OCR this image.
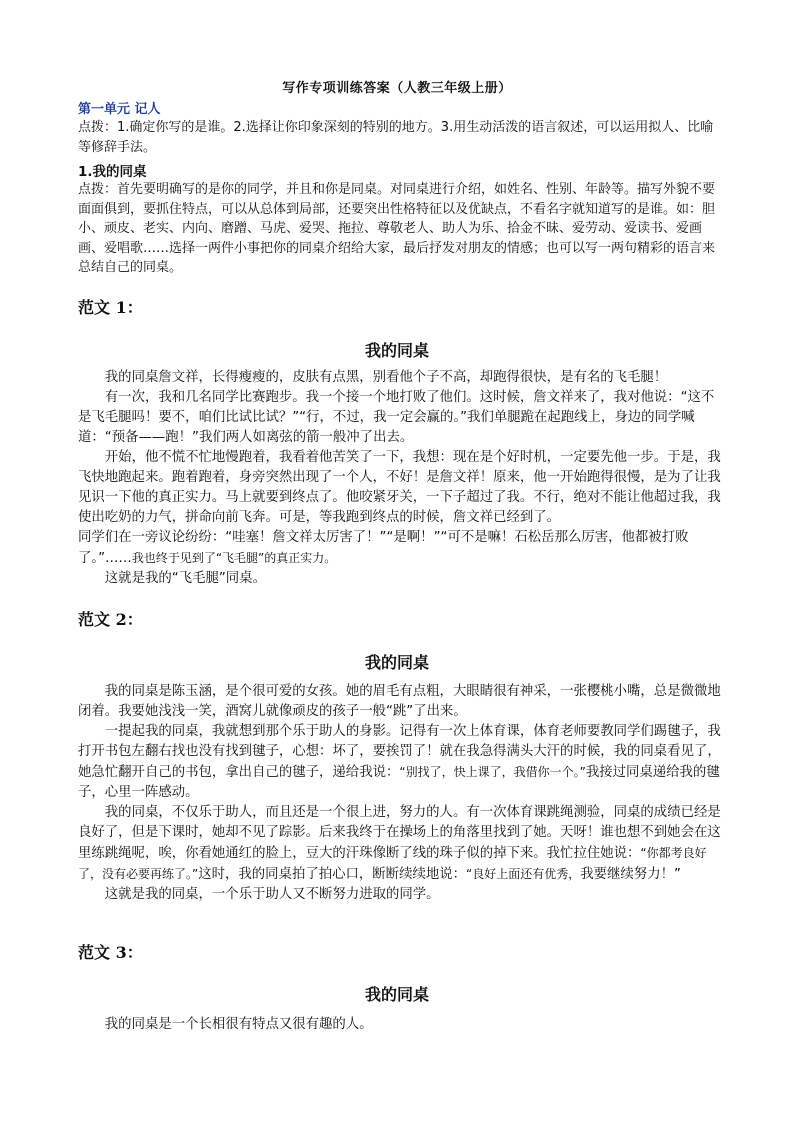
写作专项训练答案（人教三年级上册）
第一单元 记人
点拨：1.确定你写的是谁。2.选择让你印象深刻的特别的地方。3.用生动活泼的语言叙述，可以运用拟人、比喻等修辞手法。
1.我的同桌
点拨：首先要明确写的是你的同学，并且和你是同桌。对同桌进行介绍，如姓名、性别、年龄等。描写外貌不要面面俱到，要抓住特点，可以从总体到局部，还要突出性格特征以及优缺点，不看名字就知道写的是谁。如：胆小、顽皮、老实、内向、磨蹭、马虎、爱哭、拖拉、尊敬老人、助人为乐、拾金不昧、爱劳动、爱读书、爱画画、爱唱歌……选择一两件小事把你的同桌介绍给大家，最后抒发对朋友的情感；也可以写一两句精彩的语言来总结自己的同桌。
范文 1：
我的同桌

我的同桌詹文祥，长得瘦瘦的，皮肤有点黑，别看他个子不高，却跑得很快，是有名的飞毛腿！

有一次，我和几名同学比赛跑步。我一个接一个地打败了他们。这时候，詹文祥来了，我对他说：“这不是飞毛腿吗！要不，咱们比试比试？”“行，不过，我一定会赢的。”我们单腿跪在起跑线上，身边的同学喊道：“预备——跑！”我们两人如离弦的箭一般冲了出去。

开始，他不慌不忙地慢跑着，我看着他苦笑了一下，我想：现在是个好时机，一定要先他一步。于是，我飞快地跑起来。跑着跑着，身旁突然出现了一个人，不好！是詹文祥！原来，他一开始跑得很慢，是为了让我见识一下他的真正实力。马上就要到终点了。他咬紧牙关，一下子超过了我。不行，绝对不能让他超过我，我使出吃奶的力气，拼命向前飞奔。可是，等我跑到终点的时候，詹文祥已经到了。

同学们在一旁议论纷纷：“哇塞！詹文祥太厉害了！”“是啊！”“可不是嘛！石松岳那么厉害，他都被打败了。”……我也终于见到了“飞毛腿”的真正实力。

这就是我的“飞毛腿”同桌。

范文 2：
我的同桌

我的同桌是陈玉涵，是个很可爱的女孩。她的眉毛有点粗，大眼睛很有神采，一张樱桃小嘴，总是微微地闭着。我要她浅浅一笑，酒窝儿就像顽皮的孩子一般“跳”了出来。

一提起我的同桌，我就想到那个乐于助人的身影。记得有一次上体育课，体育老师要教同学们踢毽子，我打开书包左翻右找也没有找到毽子，心想：坏了，要挨罚了！就在我急得满头大汗的时候，我的同桌看见了，她急忙翻开自己的书包，拿出自己的毽子，递给我说：“别找了，快上课了，我借你一个。”我接过同桌递给我的毽子，心里一阵感动。

我的同桌，不仅乐于助人，而且还是一个很上进，努力的人。有一次体育课跳绳测验，同桌的成绩已经是良好了，但是下课时，她却不见了踪影。后来我终于在操场上的角落里找到了她。天呀！谁也想不到她会在这里练跳绳呢，唉，你看她通红的脸上，豆大的汗珠像断了线的珠子似的掉下来。我忙拉住她说：“你都考良好了，没有必要再练了。”这时，我的同桌拍了拍心口，断断续续地说：“良好上面还有优秀，我要继续努力！”

这就是我的同桌，一个乐于助人又不断努力进取的同学。

范文 3：
我的同桌

我的同桌是一个长相很有特点又很有趣的人。
